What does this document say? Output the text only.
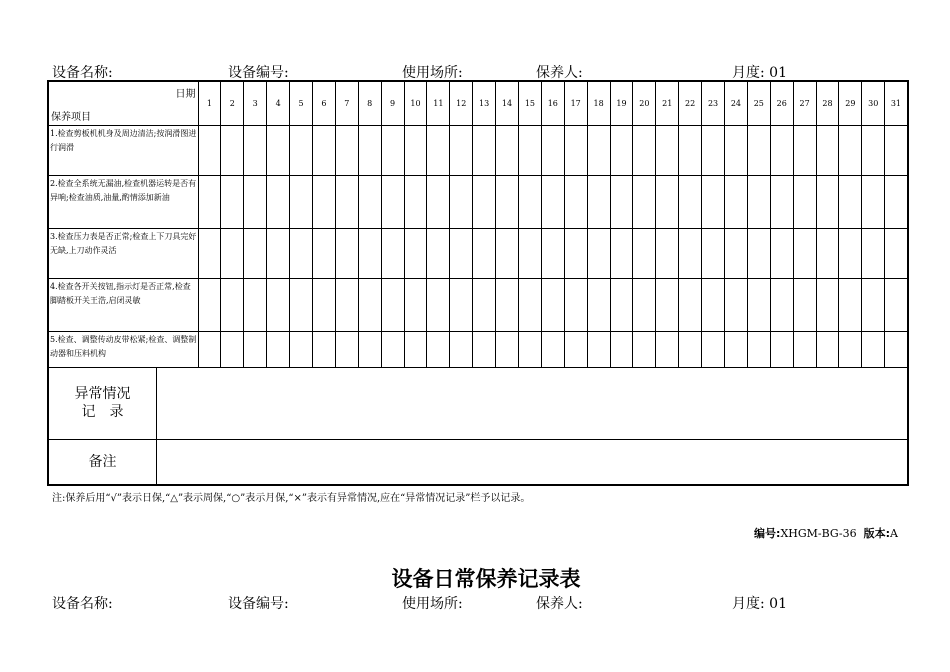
设备名称:	设备编号:	使用场所:	保养人:	月度: 01
日期
保养项目	1	2	3	4	5	6	7	8	9	10	11	12	13	14	15	16	17	18	19	20	21	22	23	24	25	26	27	28	29	30	31
1.检查剪板机机身及周边清洁;按润滑图进行润滑																															
2.检查全系统无漏油,检查机器运转是否有异响;检查油质,油量,酌情添加新油																															
3.检查压力表是否正常;检查上下刀具完好无缺,上刀动作灵活																															
4.检查各开关按钮,指示灯是否正常,检查脚踏板开关王浩,启闭灵敏																															
5.检查、调整传动皮带松紧;检查、调整制动器和压料机构																															

异常情况
记　录																															

备注																															

注:保养后用“√”表示日保,“△”表示周保,“○”表示月保,“×”表示有异常情况,应在“异常情况记录”栏予以记录。
编号:XHGM-BG-36 版本:A
设备日常保养记录表
设备名称:	设备编号:	使用场所:	保养人:	月度: 01
